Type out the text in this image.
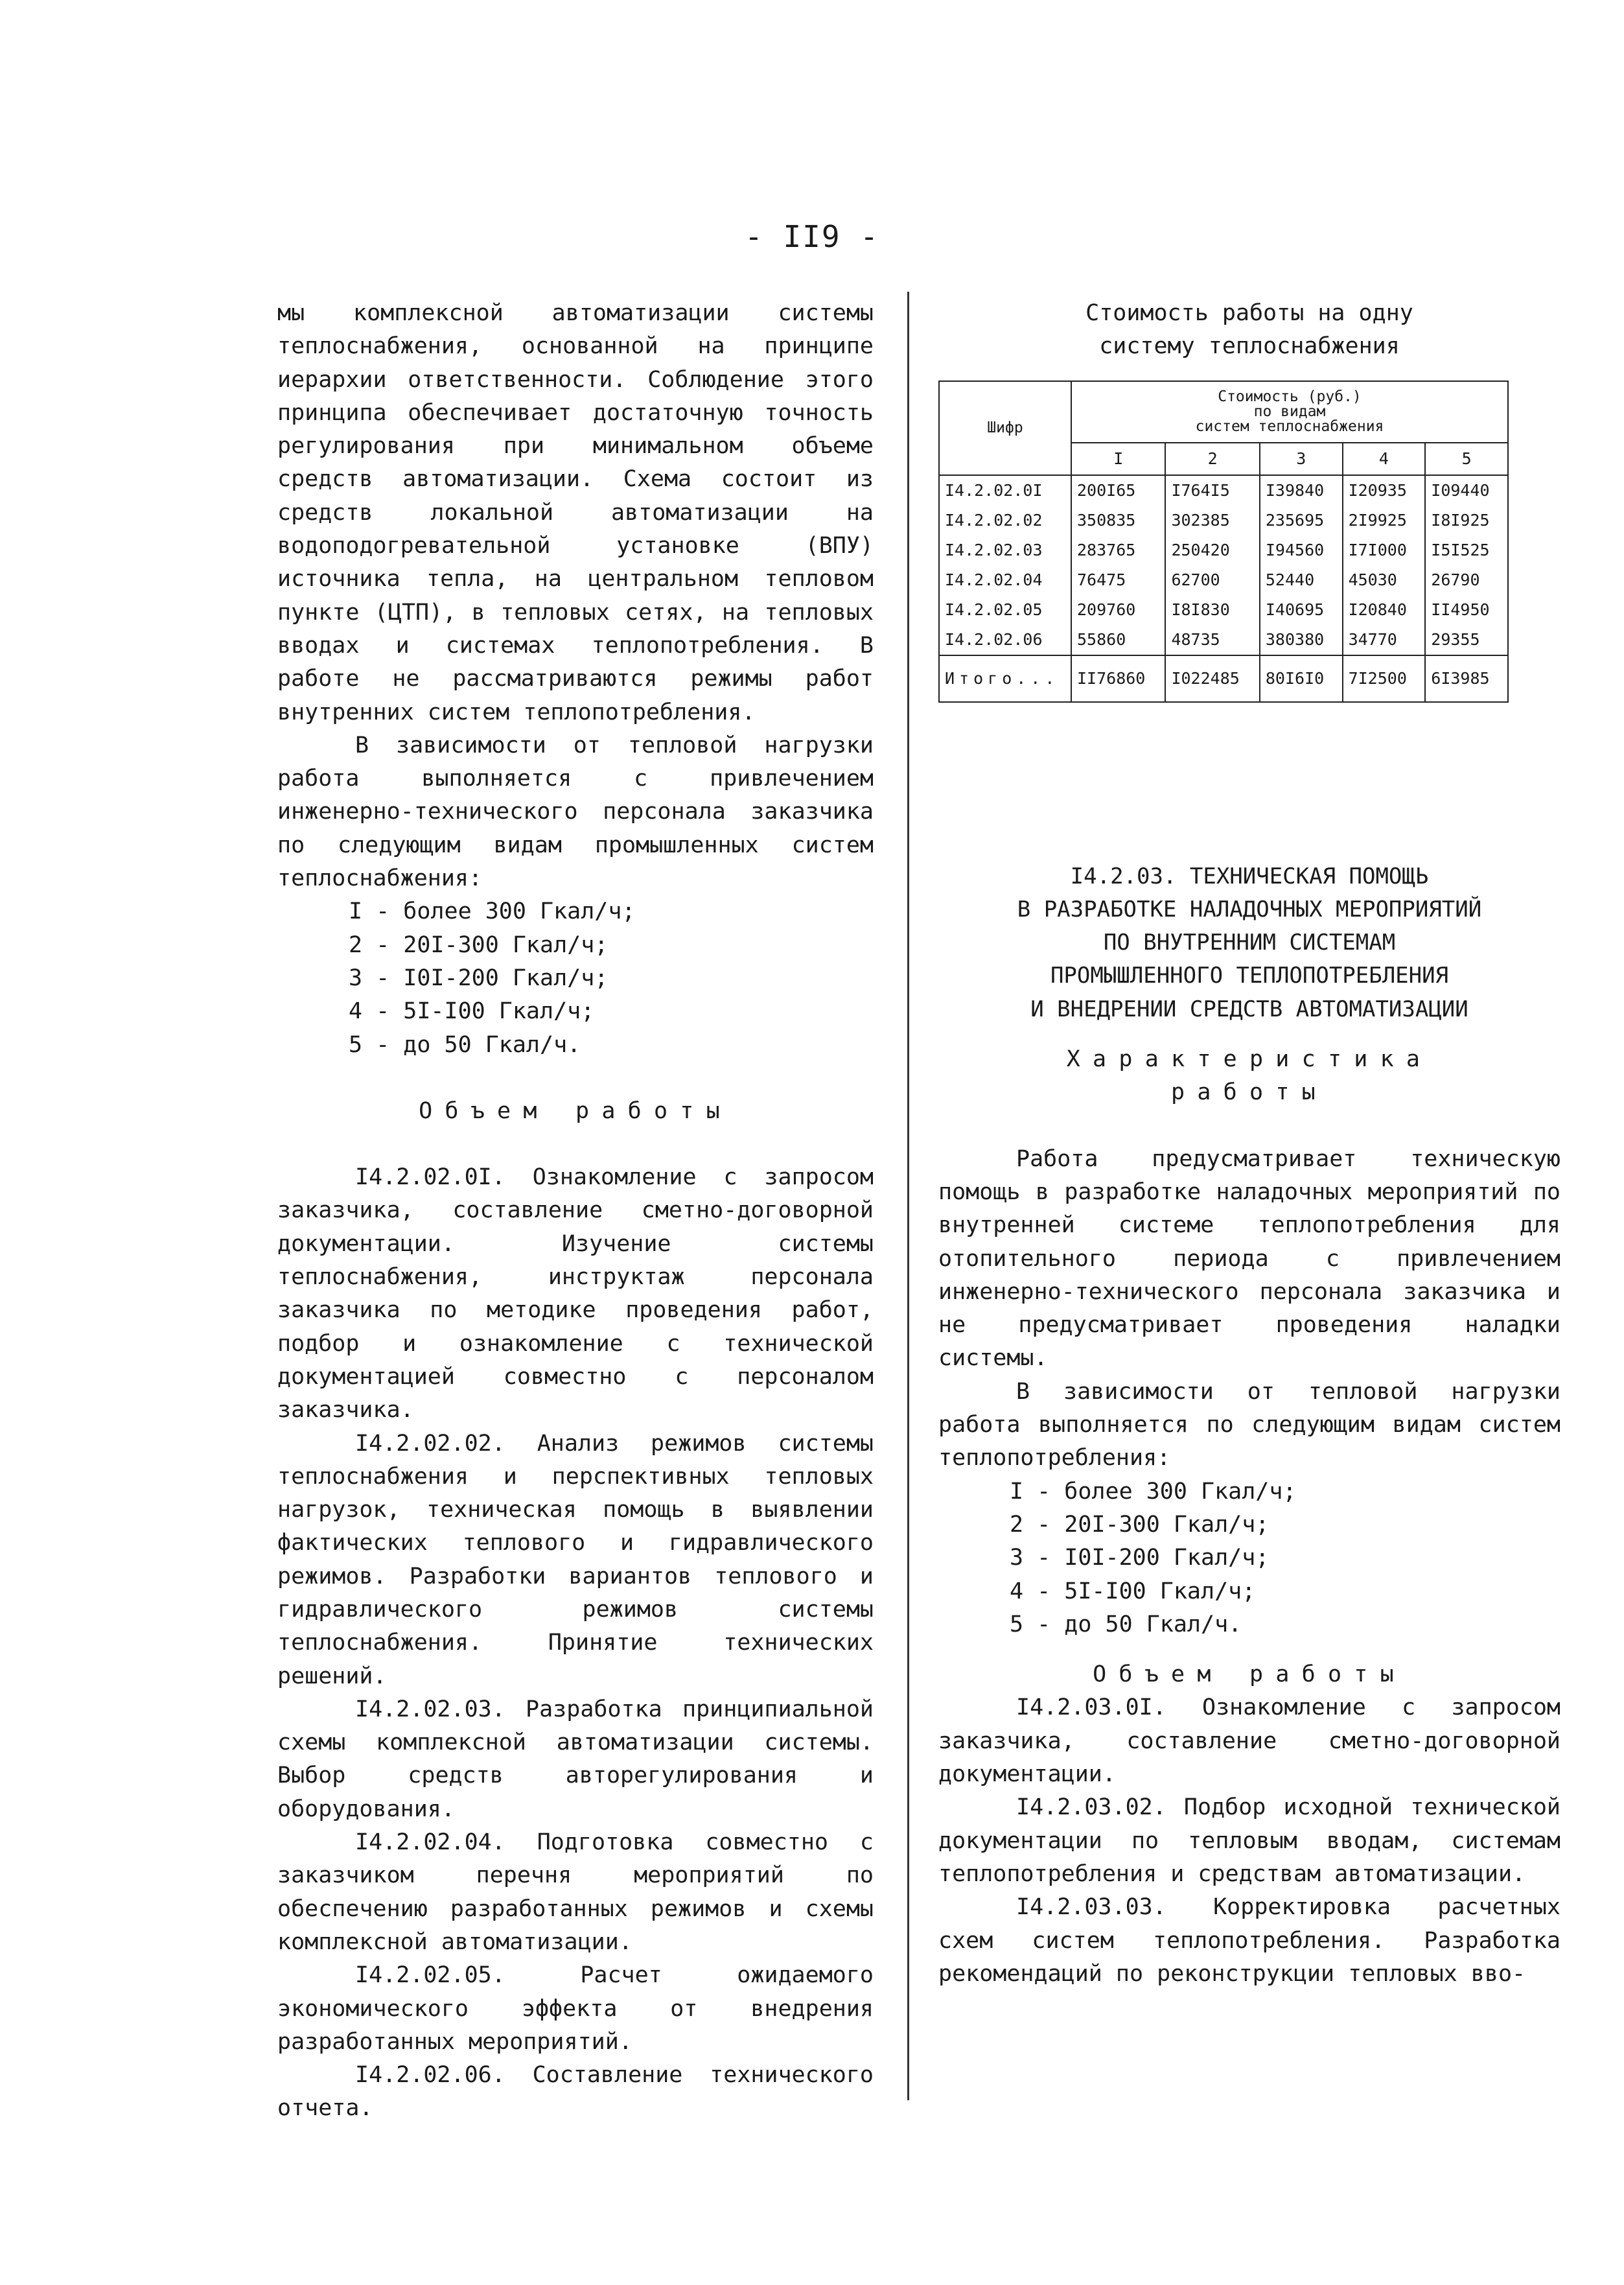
- II9 -

мы комплексной автоматизации системы теплоснабжения, основанной на принципе иерархии ответственности. Соблюдение этого принципа обеспечивает достаточную точность регулирования при минимальном объеме средств автоматизации. Схема состоит из средств локальной автоматизации на водоподогревательной установке (ВПУ) источника тепла, на центральном тепловом пункте (ЦТП), в тепловых сетях, на тепловых вводах и системах теплопотребления. В работе не рассматриваются режимы работ внутренних систем теплопотребления.

В зависимости от тепловой нагрузки работа выполняется с привлечением инженерно-технического персонала заказчика по следующим видам промышленных систем теплоснабжения:

I - более 300 Гкал/ч;
2 - 20I-300 Гкал/ч;
3 - I0I-200 Гкал/ч;
4 - 5I-I00 Гкал/ч;
5 - до 50 Гкал/ч.

Объем работы

I4.2.02.0I. Ознакомление с запросом заказчика, составление сметно-договорной документации. Изучение системы теплоснабжения, инструктаж персонала заказчика по методике проведения работ, подбор и ознакомление с технической документацией совместно с персоналом заказчика.

I4.2.02.02. Анализ режимов системы теплоснабжения и перспективных тепловых нагрузок, техническая помощь в выявлении фактических теплового и гидравлического режимов. Разработки вариантов теплового и гидравлического режимов системы теплоснабжения. Принятие технических решений.

I4.2.02.03. Разработка принципиальной схемы комплексной автоматизации системы. Выбор средств авторегулирования и оборудования.

I4.2.02.04. Подготовка совместно с заказчиком перечня мероприятий по обеспечению разработанных режимов и схемы комплексной автоматизации.

I4.2.02.05. Расчет ожидаемого экономического эффекта от внедрения разработанных мероприятий.

I4.2.02.06. Составление технического отчета.

Стоимость работы на одну

систему теплоснабжения

Шифр	Стоимость (руб.)
по видам
систем теплоснабжения				

	I	2	3	4	5
I4.2.02.0I	200I65	I764I5	I39840	I20935	I09440
I4.2.02.02	350835	302385	235695	2I9925	I8I925
I4.2.02.03	283765	250420	I94560	I7I000	I5I525
I4.2.02.04	76475	62700	52440	45030	26790
I4.2.02.05	209760	I8I830	I40695	I20840	II4950
I4.2.02.06	55860	48735	380380	34770	29355
Итого...	II76860	I022485	80I6I0	7I2500	6I3985

I4.2.03. ТЕХНИЧЕСКАЯ ПОМОЩЬ

В РАЗРАБОТКЕ НАЛАДОЧНЫХ МЕРОПРИЯТИЙ

ПО ВНУТРЕННИМ СИСТЕМАМ

ПРОМЫШЛЕННОГО ТЕПЛОПОТРЕБЛЕНИЯ

И ВНЕДРЕНИИ СРЕДСТВ АВТОМАТИЗАЦИИ

Характеристика

работы

Работа предусматривает техническую помощь в разработке наладочных мероприятий по внутренней системе теплопотребления для отопительного периода с привлечением инженерно-технического персонала заказчика и не предусматривает проведения наладки системы.

В зависимости от тепловой нагрузки работа выполняется по следующим видам систем теплопотребления:

I - более 300 Гкал/ч;
2 - 20I-300 Гкал/ч;
3 - I0I-200 Гкал/ч;
4 - 5I-I00 Гкал/ч;
5 - до 50 Гкал/ч.

Объем работы

I4.2.03.0I. Ознакомление с запросом заказчика, составление сметно-договорной документации.

I4.2.03.02. Подбор исходной технической документации по тепловым вводам, системам теплопотребления и средствам автоматизации.

I4.2.03.03. Корректировка расчетных схем систем теплопотребления. Разработка рекомендаций по реконструкции тепловых вво-
